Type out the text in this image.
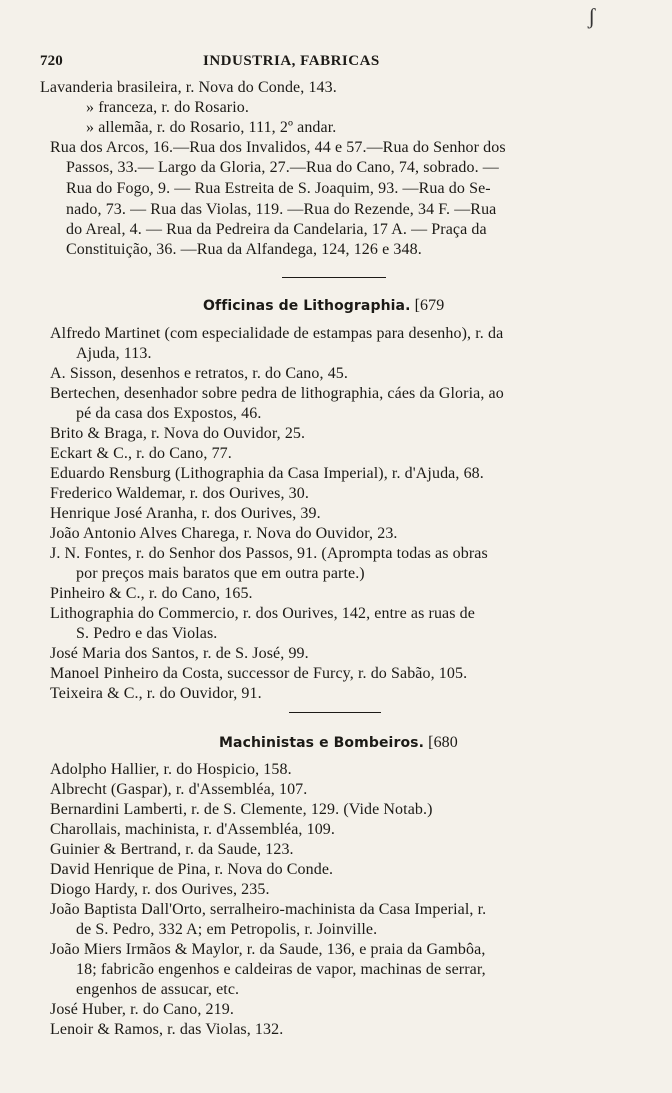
720	INDUSTRIA, FABRICAS
ʃ
Lavanderia brasileira, r. Nova do Conde, 143.
» franceza, r. do Rosario.
» allemãa, r. do Rosario, 111, 2º andar.
Rua dos Arcos, 16.—Rua dos Invalidos, 44 e 57.—Rua do Senhor dos
Passos, 33.— Largo da Gloria, 27.—Rua do Cano, 74, sobrado. —
Rua do Fogo, 9. — Rua Estreita de S. Joaquim, 93. —Rua do Se-
nado, 73. — Rua das Violas, 119. —Rua do Rezende, 34 F. —Rua
do Areal, 4. — Rua da Pedreira da Candelaria, 17 A. — Praça da
Constituição, 36. —Rua da Alfandega, 124, 126 e 348.
Officinas de Lithographia. [679
Alfredo Martinet (com especialidade de estampas para desenho), r. da
Ajuda, 113.
A. Sisson, desenhos e retratos, r. do Cano, 45.
Bertechen, desenhador sobre pedra de lithographia, cáes da Gloria, ao
pé da casa dos Expostos, 46.
Brito & Braga, r. Nova do Ouvidor, 25.
Eckart & C., r. do Cano, 77.
Eduardo Rensburg (Lithographia da Casa Imperial), r. d'Ajuda, 68.
Frederico Waldemar, r. dos Ourives, 30.
Henrique José Aranha, r. dos Ourives, 39.
João Antonio Alves Charega, r. Nova do Ouvidor, 23.
J. N. Fontes, r. do Senhor dos Passos, 91. (Apromptа todas as obras
por preços mais baratos que em outra parte.)
Pinheiro & C., r. do Cano, 165.
Lithographia do Commercio, r. dos Ourives, 142, entre as ruas de
S. Pedro e das Violas.
José Maria dos Santos, r. de S. José, 99.
Manoel Pinheiro da Costa, successor de Furcy, r. do Sabão, 105.
Teixeira & C., r. do Ouvidor, 91.
Machinistas e Bombeiros. [680
Adolpho Hallier, r. do Hospicio, 158.
Albrecht (Gaspar), r. d'Assembléa, 107.
Bernardini Lamberti, r. de S. Clemente, 129. (Vide Notab.)
Charollais, machinista, r. d'Assembléa, 109.
Guinier & Bertrand, r. da Saude, 123.
David Henrique de Pina, r. Nova do Conde.
Diogo Hardy, r. dos Ourives, 235.
João Baptista Dall'Orto, serralheiro-machinista da Casa Imperial, r.
de S. Pedro, 332 A; em Petropolis, r. Joinville.
João Miers Irmãos & Maylor, r. da Saude, 136, e praia da Gambôa,
18; fabricão engenhos e caldeiras de vapor, machinas de serrar,
engenhos de assucar, etc.
José Huber, r. do Cano, 219.
Lenoir & Ramos, r. das Violas, 132.
